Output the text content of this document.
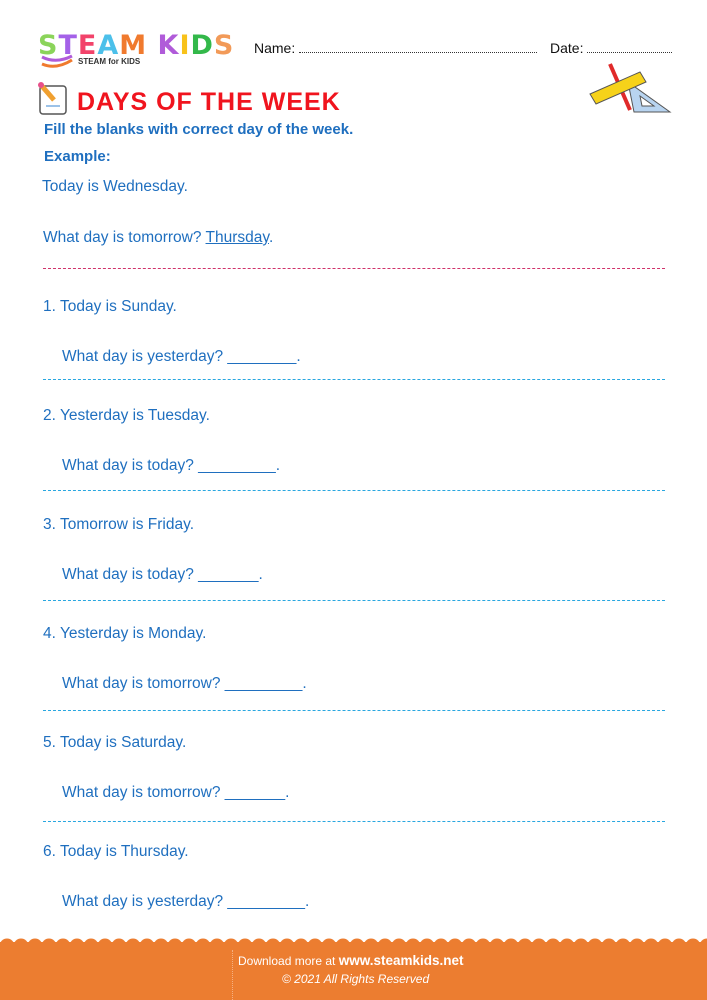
STEAM KIDS
STEAM for KIDS
Name:	Date:
DAYS OF THE WEEK
Fill the blanks with correct day of the week.
Example:
Today is Wednesday.
What day is tomorrow? Thursday.
1. Today is Sunday.
What day is yesterday? ________.
2. Yesterday is Tuesday.
What day is today? _________.
3. Tomorrow is Friday.
What day is today? _______.
4. Yesterday is Monday.
What day is tomorrow? _________.
5. Today is Saturday.
What day is tomorrow? _______.
6. Today is Thursday.
What day is yesterday? _________.
Download more at www.steamkids.net
© 2021 All Rights Reserved
